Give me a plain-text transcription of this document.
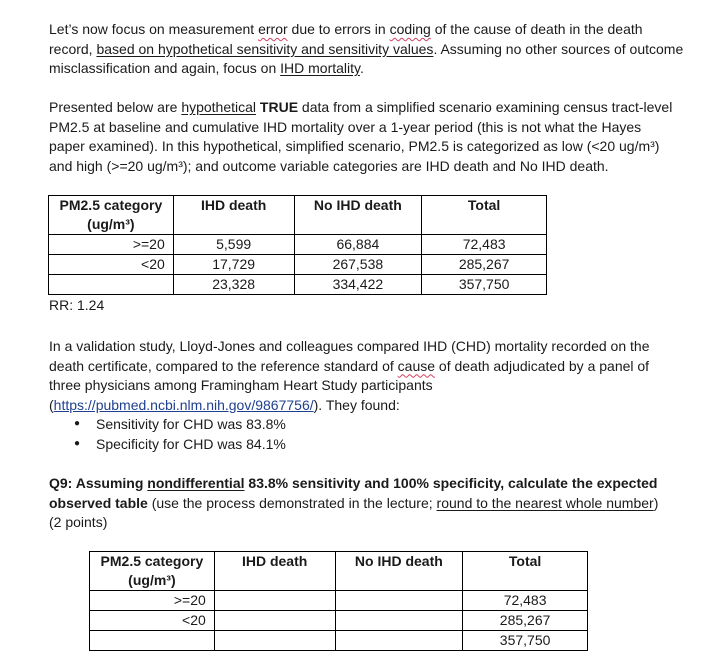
Let’s now focus on measurement error due to errors in coding of the cause of death in the death record, based on hypothetical sensitivity and sensitivity values. Assuming no other sources of outcome misclassification and again, focus on IHD mortality.

Presented below are hypothetical TRUE data from a simplified scenario examining census tract-level PM2.5 at baseline and cumulative IHD mortality over a 1-year period (this is not what the Hayes paper examined). In this hypothetical, simplified scenario, PM2.5 is categorized as low (<20 ug/m³) and high (>=20 ug/m³); and outcome variable categories are IHD death and No IHD death.

PM2.5 category (ug/m³)	IHD death	No IHD death	Total
>=20	5,599	66,884	72,483
<20	17,729	267,538	285,267
	23,328	334,422	357,750

RR: 1.24

In a validation study, Lloyd-Jones and colleagues compared IHD (CHD) mortality recorded on the death certificate, compared to the reference standard of cause of death adjudicated by a panel of three physicians among Framingham Heart Study participants (https://pubmed.ncbi.nlm.nih.gov/9867756/). They found:

● Sensitivity for CHD was 83.8%
● Specificity for CHD was 84.1%

Q9: Assuming nondifferential 83.8% sensitivity and 100% specificity, calculate the expected observed table (use the process demonstrated in the lecture; round to the nearest whole number) (2 points)

PM2.5 category (ug/m³)	IHD death	No IHD death	Total
>=20			72,483
<20			285,267
			357,750
